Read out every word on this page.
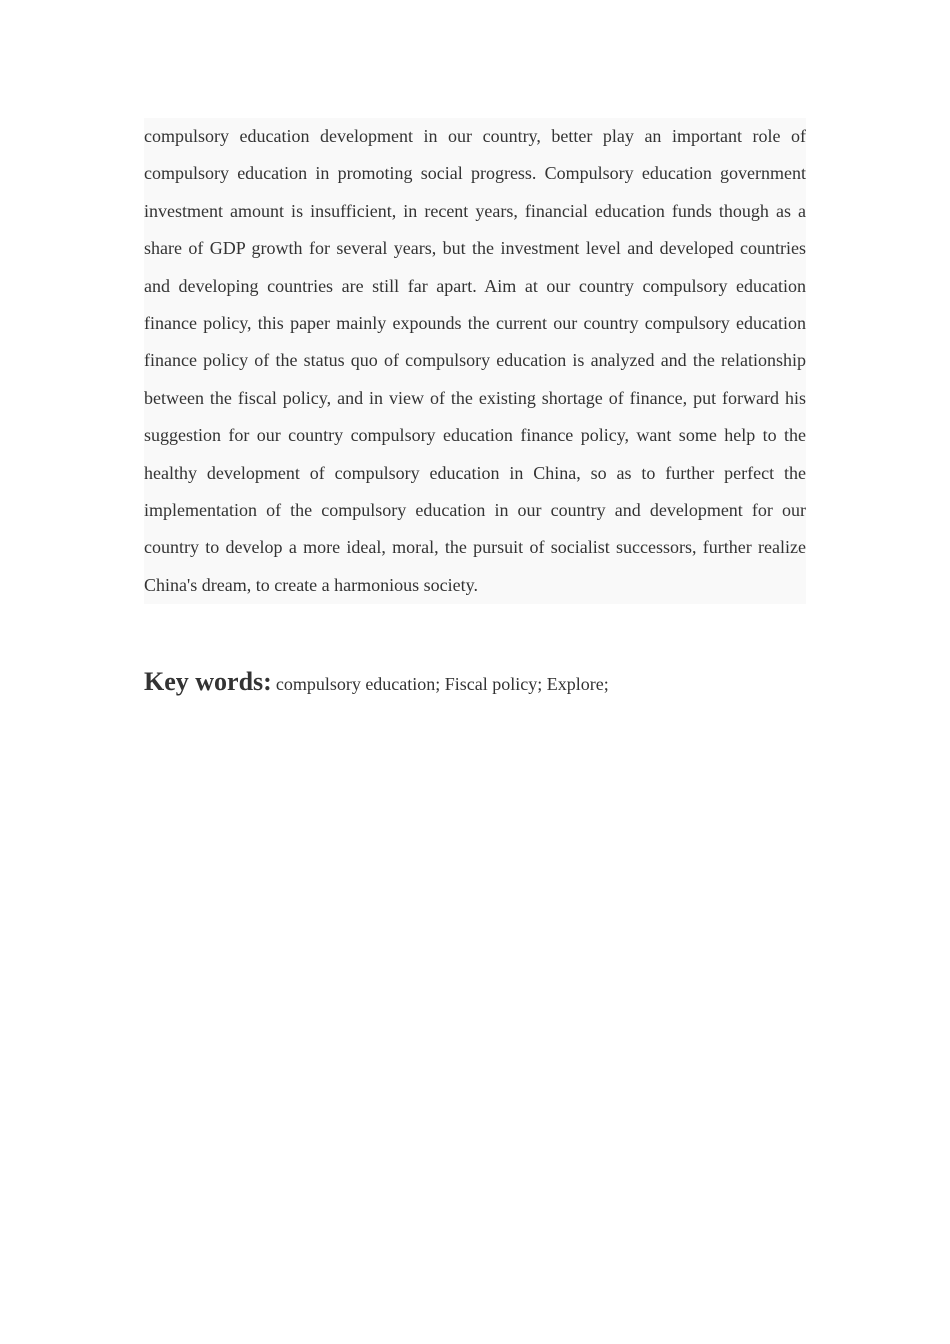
compulsory education development in our country, better play an important role of compulsory education in promoting social progress. Compulsory education government investment amount is insufficient, in recent years, financial education funds though as a share of GDP growth for several years, but the investment level and developed countries and developing countries are still far apart. Aim at our country compulsory education finance policy, this paper mainly expounds the current our country compulsory education finance policy of the status quo of compulsory education is analyzed and the relationship between the fiscal policy, and in view of the existing shortage of finance, put forward his suggestion for our country compulsory education finance policy, want some help to the healthy development of compulsory education in China, so as to further perfect the implementation of the compulsory education in our country and development for our country to develop a more ideal, moral, the pursuit of socialist successors, further realize China's dream, to create a harmonious society.

Key words: compulsory education; Fiscal policy; Explore;
